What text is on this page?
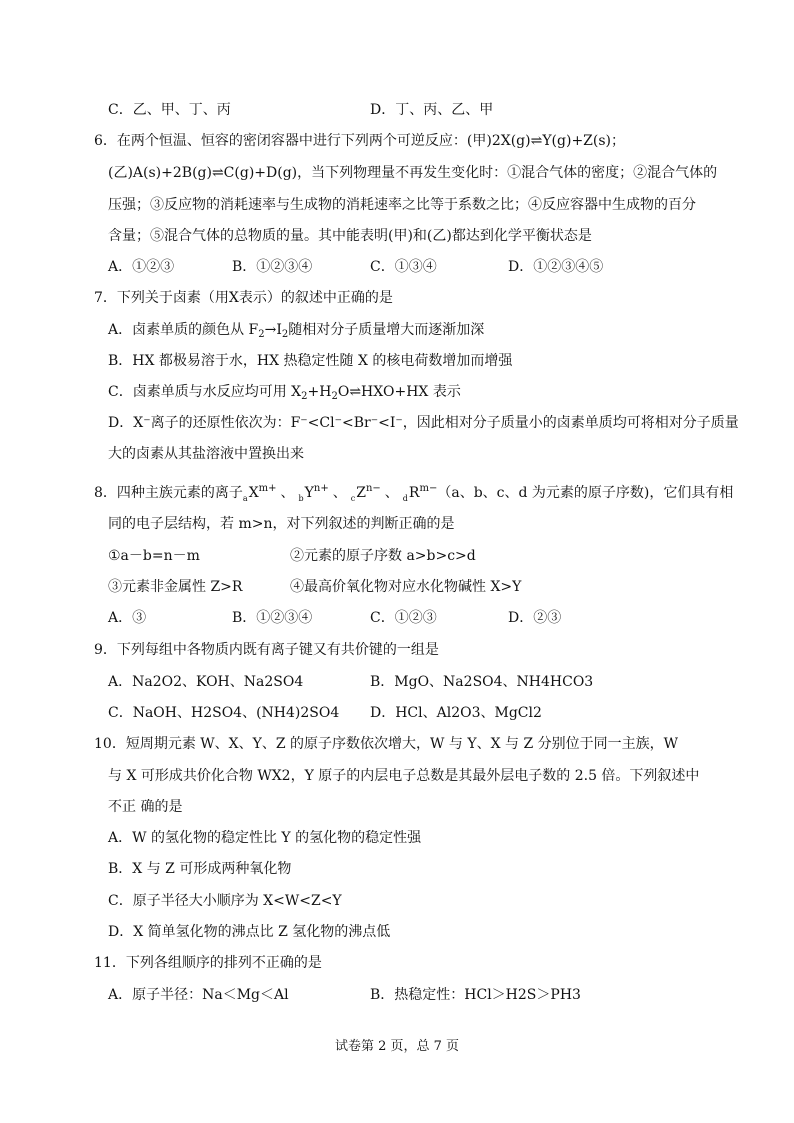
C．乙、甲、丁、丙	D．丁、丙、乙、甲
6．在两个恒温、恒容的密闭容器中进行下列两个可逆反应：(甲)2X(g)⇌Y(g)+Z(s)；
(乙)A(s)+2B(g)⇌C(g)+D(g)，当下列物理量不再发生变化时：①混合气体的密度；②混合气体的
压强；③反应物的消耗速率与生成物的消耗速率之比等于系数之比；④反应容器中生成物的百分
含量；⑤混合气体的总物质的量。其中能表明(甲)和(乙)都达到化学平衡状态是
A．①②③	B．①②③④	C．①③④	D．①②③④⑤
7．下列关于卤素（用X表示）的叙述中正确的是
A．卤素单质的颜色从 $F_2\to I_2$随相对分子质量增大而逐渐加深
B．HX 都极易溶于水，HX 热稳定性随 X 的核电荷数增加而增强
C．卤素单质与水反应均可用 $X_2+H_2O\rightleftharpoons HXO+HX$ 表示
D．X⁻离子的还原性依次为：F⁻<Cl⁻<Br⁻<I⁻，因此相对分子质量小的卤素单质均可将相对分子质量
大的卤素从其盐溶液中置换出来
8．四种主族元素的离子$_aX^{m+}$ 、 $_bY^{n+}$ 、 $_cZ^{n-}$ 、 $_dR^{m-}(a$、b、c、d 为元素的原子序数)，它们具有相
同的电子层结构，若 m>n，对下列叙述的判断正确的是
①a－b=n－m	②元素的原子序数 a>b>c>d
③元素非金属性 Z>R	④最高价氧化物对应水化物碱性 X>Y
A．③	B．①②③④	C．①②③	D．②③
9．下列每组中各物质内既有离子键又有共价键的一组是
A．Na2O2、KOH、Na2SO4	B．MgO、Na2SO4、NH4HCO3
C．NaOH、H2SO4、(NH4)2SO4 D．HCl、Al2O3、MgCl2
10．短周期元素 W、X、Y、Z 的原子序数依次增大，W 与 Y、X 与 Z 分别位于同一主族，W
与 X 可形成共价化合物 WX2，Y 原子的内层电子总数是其最外层电子数的 2.5 倍。下列叙述中
不正 确的是
A．W 的氢化物的稳定性比 Y 的氢化物的稳定性强
B．X 与 Z 可形成两种氧化物
C．原子半径大小顺序为 X<W<Z<Y
D．X 简单氢化物的沸点比 Z 氢化物的沸点低
11．下列各组顺序的排列不正确的是
A．原子半径：Na＜Mg＜Al	B．热稳定性：HCl＞H2S＞PH3
试卷第 2 页，总 7 页
